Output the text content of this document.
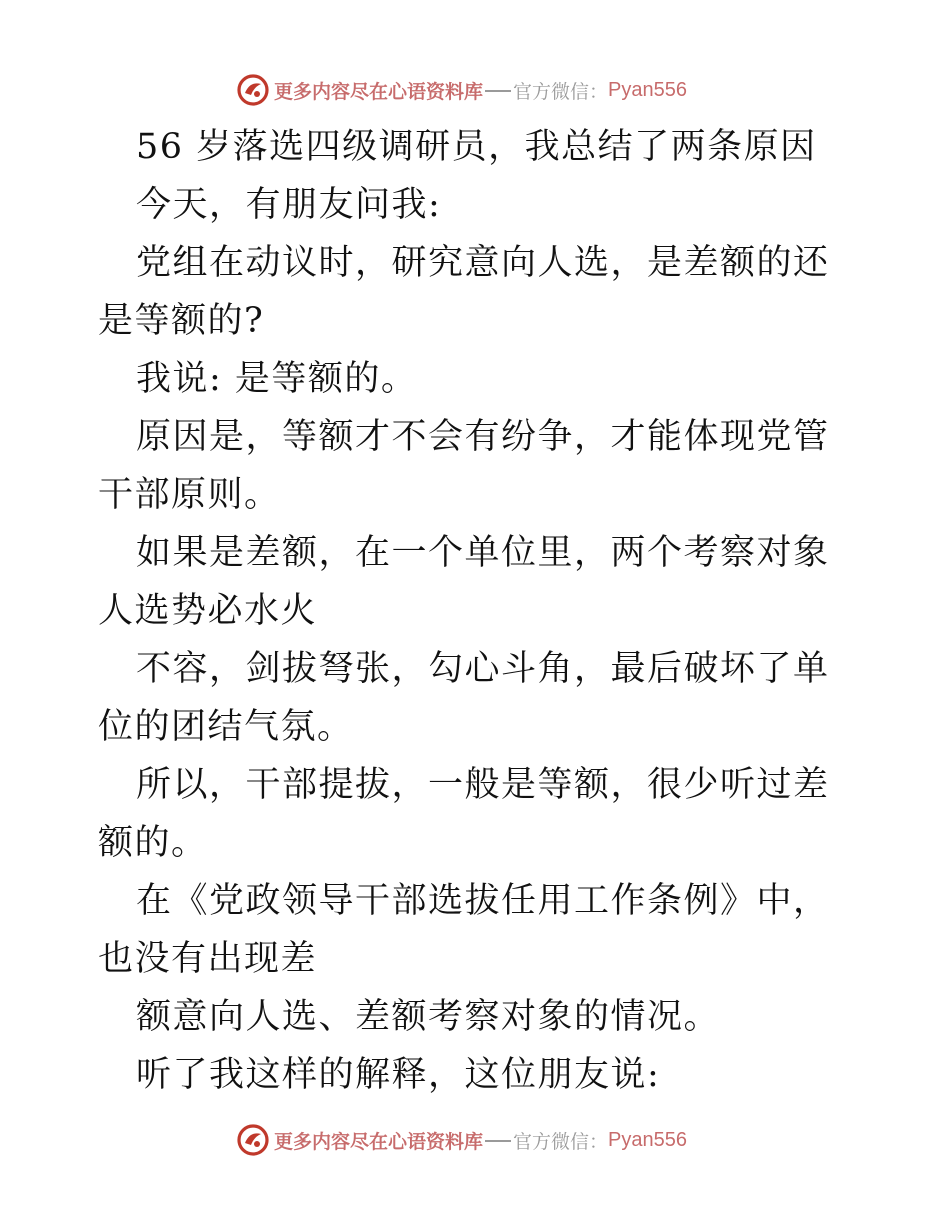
更多内容尽在心语资料库 官方微信： Pyan556

56 岁落选四级调研员，我总结了两条原因

今天，有朋友问我:

党组在动议时，研究意向人选，是差额的还是等额的?

我说: 是等额的。

原因是，等额才不会有纷争，才能体现党管干部原则。

如果是差额，在一个单位里，两个考察对象人选势必水火

不容，剑拔弩张，勾心斗角，最后破坏了单位的团结气氛。

所以，干部提拔，一般是等额，很少听过差额的。

在《党政领导干部选拔任用工作条例》中，也没有出现差

额意向人选、差额考察对象的情况。

听了我这样的解释，这位朋友说:

更多内容尽在心语资料库 官方微信： Pyan556
